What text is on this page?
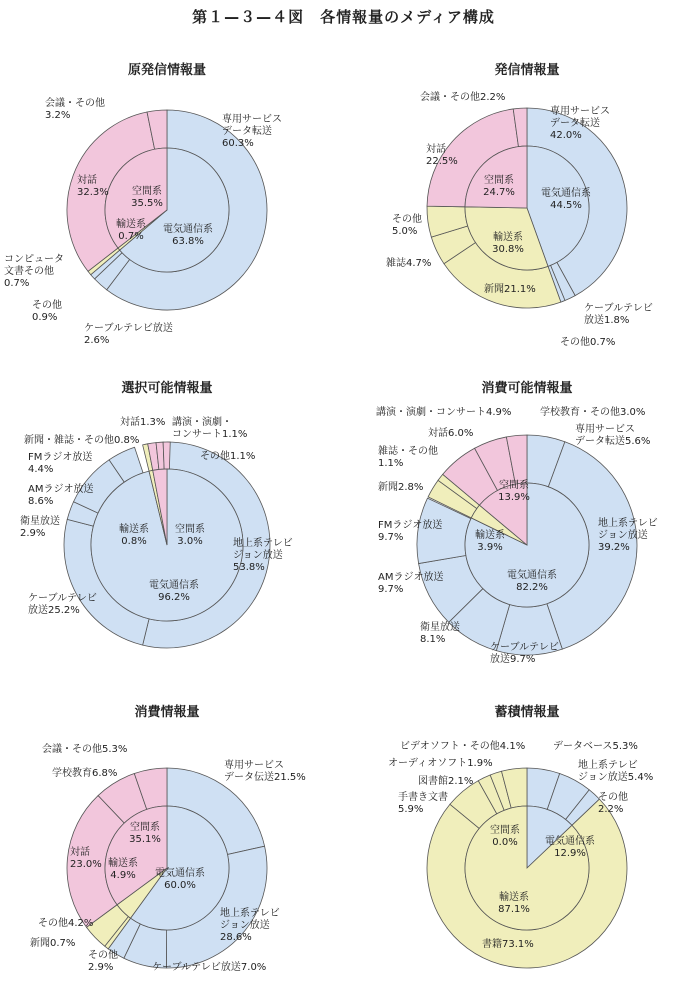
第１—３—４図　各情報量のメディア構成
原発信情報量
会議・その他 3.2%	専用サービスデータ転送 60.3%
対話 32.3%
コンピュータ文書その他 0.7%
その他 0.9%
ケーブルテレビ放送 2.6%
空間系 35.5%
輸送系 0.7%
電気通信系 63.8%
発信情報量
会議・その他2.2%
専用サービスデータ転送 42.0%
対話 22.5%
その他 5.0%
雑誌4.7%
新聞21.1%
ケーブルテレビ放送1.8%
その他0.7%
空間系 24.7%	電気通信系 44.5%
輸送系 30.8%
選択可能情報量
対話1.3% 講演・演劇・コンサート1.1%
新聞・雑誌・その他0.8%
その他1.1%
FMラジオ放送 4.4%
AMラジオ放送 8.6%
衛星放送 2.9%
地上系テレビジョン放送 53.8%
ケーブルテレビ放送25.2%
輸送系 0.8%
空間系 3.0%
電気通信系 96.2%
消費可能情報量
講演・演劇・コンサート4.9%	学校教育・その他3.0%
専用サービスデータ転送5.6%
対話6.0%
雑誌・その他 1.1%
新聞2.8%
FMラジオ放送 9.7%
AMラジオ放送 9.7%
衛星放送 8.1%
ケーブルテレビ放送9.7%
地上系テレビジョン放送 39.2%
空間系 13.9%
輸送系 3.9%
電気通信系 82.2%
消費情報量
会議・その他5.3%
学校教育6.8%
専用サービスデータ伝送21.5%
対話 23.0%
地上系テレビジョン放送 28.6%
その他4.2%
新聞0.7%
その他 2.9%	ケーブルテレビ放送7.0%
空間系 35.1%
輸送系 4.9% 電気通信系 60.0%
蓄積情報量
ビデオソフト・その他4.1%	データベース5.3%
オーディオソフト1.9%	地上系テレビジョン放送5.4%
図書館2.1%
その他 2.2%
手書き文書 5.9%
空間系 0.0%	電気通信系 12.9%
輸送系 87.1%
書籍73.1%
